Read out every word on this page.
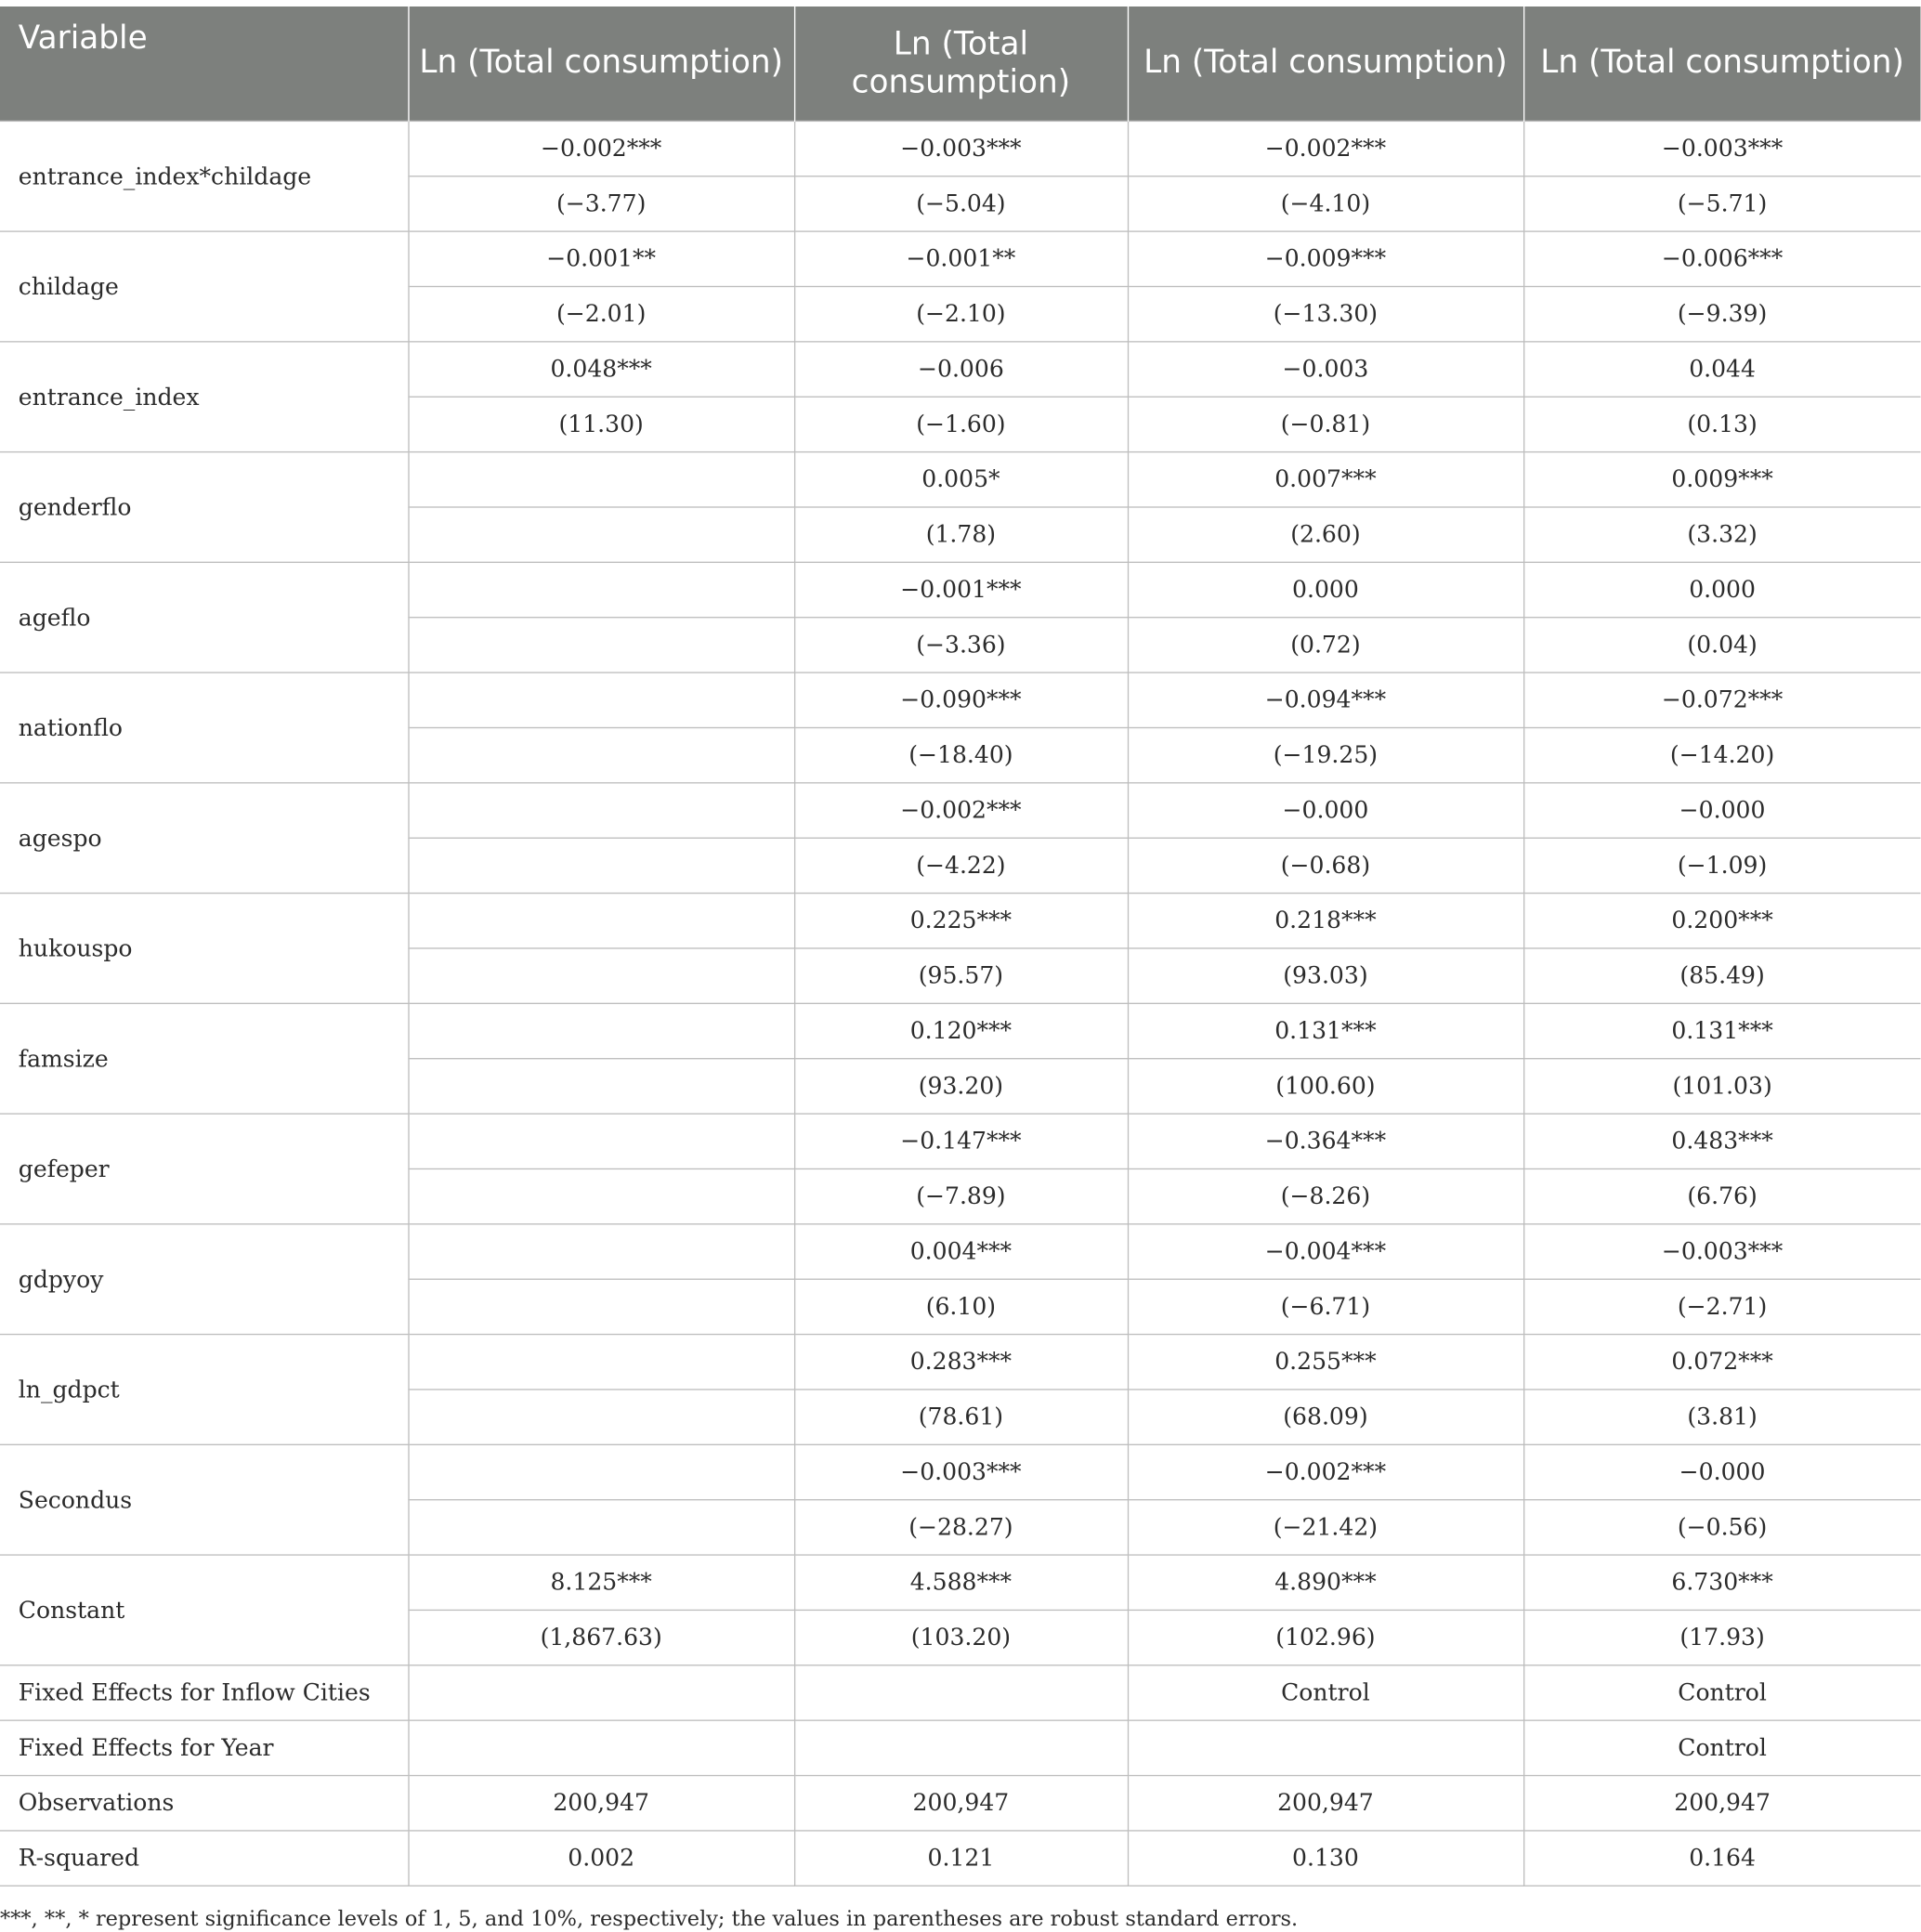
Variable	Ln (Total consumption)	Ln (Total consumption)	Ln (Total consumption)	Ln (Total consumption)
entrance_index*childage	−0.002***	−0.003***	−0.002***	−0.003***
	(−3.77)	(−5.04)	(−4.10)	(−5.71)
childage	−0.001**	−0.001**	−0.009***	−0.006***
	(−2.01)	(−2.10)	(−13.30)	(−9.39)
entrance_index	0.048***	−0.006	−0.003	0.044
	(11.30)	(−1.60)	(−0.81)	(0.13)
genderflo		0.005*	0.007***	0.009***
		(1.78)	(2.60)	(3.32)
ageflo		−0.001***	0.000	0.000
		(−3.36)	(0.72)	(0.04)
nationflo		−0.090***	−0.094***	−0.072***
		(−18.40)	(−19.25)	(−14.20)
agespo		−0.002***	−0.000	−0.000
		(−4.22)	(−0.68)	(−1.09)
hukouspo		0.225***	0.218***	0.200***
		(95.57)	(93.03)	(85.49)
famsize		0.120***	0.131***	0.131***
		(93.20)	(100.60)	(101.03)
gefeper		−0.147***	−0.364***	0.483***
		(−7.89)	(−8.26)	(6.76)
gdpyoy		0.004***	−0.004***	−0.003***
		(6.10)	(−6.71)	(−2.71)
ln_gdpct		0.283***	0.255***	0.072***
		(78.61)	(68.09)	(3.81)
Secondus		−0.003***	−0.002***	−0.000
		(−28.27)	(−21.42)	(−0.56)
Constant	8.125***	4.588***	4.890***	6.730***
	(1,867.63)	(103.20)	(102.96)	(17.93)
Fixed Effects for Inflow Cities			Control	Control
Fixed Effects for Year				Control
Observations	200,947	200,947	200,947	200,947
R-squared	0.002	0.121	0.130	0.164
***, **, * represent significance levels of 1, 5, and 10%, respectively; the values in parentheses are robust standard errors.
